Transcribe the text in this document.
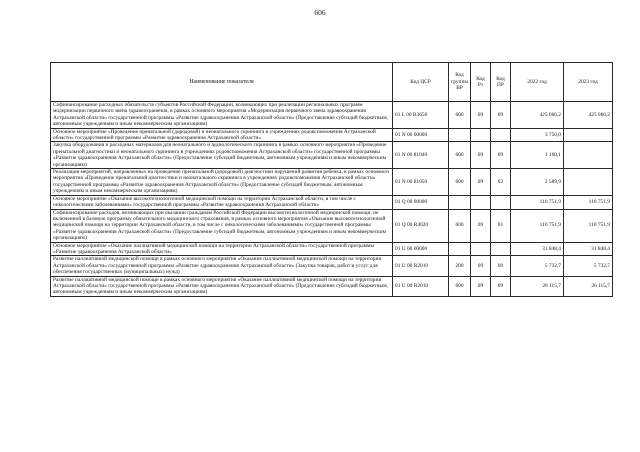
606
Наименование показателя	Код ЦСР	Код группы ВР	Код Рз	Код ПР	2022 год	2023 год
Софинансирование расходных обязательств субъектов Российской Федерации, возникающих при реализации региональных программ модернизации первичного звена здравоохранения, в рамках основного мероприятия «Модернизация первичного звена здравоохранения Астраханской области» государственной программы «Развитие здравоохранения Астраханской области» (Предоставление субсидий бюджетным, автономным учреждениям и иным некоммерческим организациям)	01 L 00 R3650	600	09	09	425 066,2	425 066,2
Основное мероприятие «Проведение пренатальной (дородовой) и неонатального скрининга в учреждениях родовспоможения Астраханской области» государственной программы «Развитие здравоохранения Астраханской области»	01 N 00 00000				3 750,0	
Закупка оборудования и расходных материалов для неонатального и аудиологического скрининга в рамках основного мероприятия «Проведение пренатальной диагностики и неонатального скрининга в учреждениях родовспоможения Астраханской области» государственной программы «Развитие здравоохранения Астраханской области» (Предоставление субсидий бюджетным, автономным учреждениям и иным некоммерческим организациям)	01 N 00 81040	600	09	09	1 160,1	
Реализация мероприятий, направленных на проведение пренатальной (дородовой) диагностики нарушений развития ребенка, в рамках основного мероприятия «Проведение пренатальной диагностики и неонатального скрининга в учреждениях родовспоможения Астраханской области» государственной программы «Развитие здравоохранения Астраханской области» (Предоставление субсидий бюджетным, автономным учреждениям и иным некоммерческим организациям)	01 N 00 81050	600	09	02	2 589,9	
Основное мероприятие «Оказание высокотехнологичной медицинской помощи на территории Астраханской области, в том числе с онкологическими заболеваниями» государственной программы «Развитие здравоохранения Астраханской области»	01 Q 00 00000				110 751,9	110 751,9
Софинансирование расходов, возникающих при оказании гражданам Российской Федерации высокотехнологичной медицинской помощи, не включенной в базовую программу обязательного медицинского страхования, в рамках основного мероприятия «Оказание высокотехнологичной медицинской помощи на территории Астраханской области, в том числе с онкологическими заболеваниями» государственной программы «Развитие здравоохранения Астраханской области» (Предоставление субсидий бюджетным, автономным учреждениям и иным некоммерческим организациям)	01 Q 00 R4020	600	09	01	110 751,9	110 751,9
Основное мероприятие «Оказание паллиативной медицинской помощи на территории Астраханской области» государственной программы «Развитие здравоохранения Астраханской области»	01 U 00 00000				31 848,4	31 848,4
Развитие паллиативной медицинской помощи в рамках основного мероприятия «Оказание паллиативной медицинской помощи на территории Астраханской области» государственной программы «Развитие здравоохранения Астраханской области» (Закупка товаров, работ и услуг для обеспечения государственных (муниципальных) нужд)	01 U 00 R2010	200	09	09	5 732,7	5 732,7
Развитие паллиативной медицинской помощи в рамках основного мероприятия «Оказание паллиативной медицинской помощи на территории Астраханской области» государственной программы «Развитие здравоохранения Астраханской области» (Предоставление субсидий бюджетным, автономным учреждениям и иным некоммерческим организациям)	01 U 00 R2010	600	09	09	26 115,7	26 115,7
